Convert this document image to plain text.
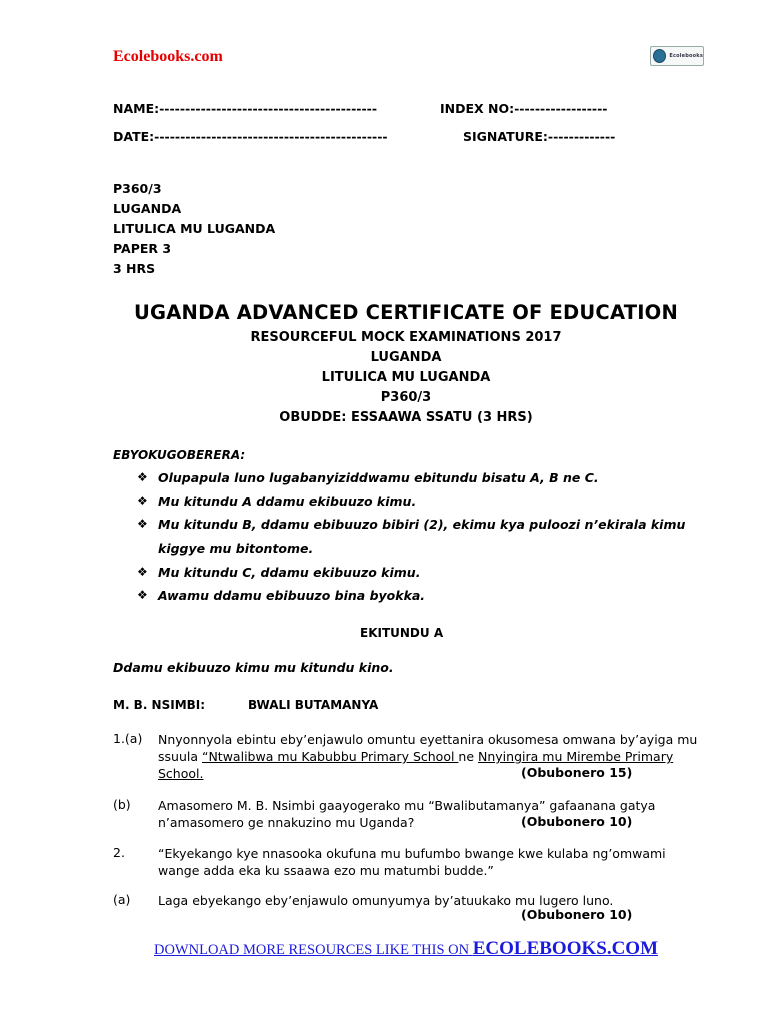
Ecolebooks.com	Ecolebooks
NAME:------------------------------------------	INDEX NO:------------------
DATE:---------------------------------------------	SIGNATURE:-------------
P360/3
LUGANDA
LITULICA MU LUGANDA
PAPER 3
3 HRS
UGANDA ADVANCED CERTIFICATE OF EDUCATION
RESOURCEFUL MOCK EXAMINATIONS 2017
LUGANDA
LITULICA MU LUGANDA
P360/3
OBUDDE: ESSAAWA SSATU (3 HRS)
EBYOKUGOBERERA:
❖ Olupapula luno lugabanyiziddwamu ebitundu bisatu A, B ne C.
❖ Mu kitundu A ddamu ekibuuzo kimu.
❖ Mu kitundu B, ddamu ebibuuzo bibiri (2), ekimu kya puloozi n’ekirala kimu
kiggye mu bitontome.
❖ Mu kitundu C, ddamu ekibuuzo kimu.
❖ Awamu ddamu ebibuuzo bina byokka.
EKITUNDU A
Ddamu ekibuuzo kimu mu kitundu kino.
M. B. NSIMBI:	BWALI BUTAMANYA
1.(a) Nnyonnyola ebintu eby’enjawulo omuntu eyettanira okusomesa omwana by’ayiga mu
ssuula “Ntwalibwa mu Kabubbu Primary School ne Nnyingira mu Mirembe Primary
School.	(Obubonero 15)
(b) Amasomero M. B. Nsimbi gaayogerako mu “Bwalibutamanya” gafaanana gatya
n’amasomero ge nnakuzino mu Uganda?	(Obubonero 10)
2.	“Ekyekango kye nnasooka okufuna mu bufumbo bwange kwe kulaba ng’omwami
wange adda eka ku ssaawa ezo mu matumbi budde.”
(a) Laga ebyekango eby’enjawulo omunyumya by’atuukako mu lugero luno.
(Obubonero 10)
DOWNLOAD MORE RESOURCES LIKE THIS ON ECOLEBOOKS.COM
